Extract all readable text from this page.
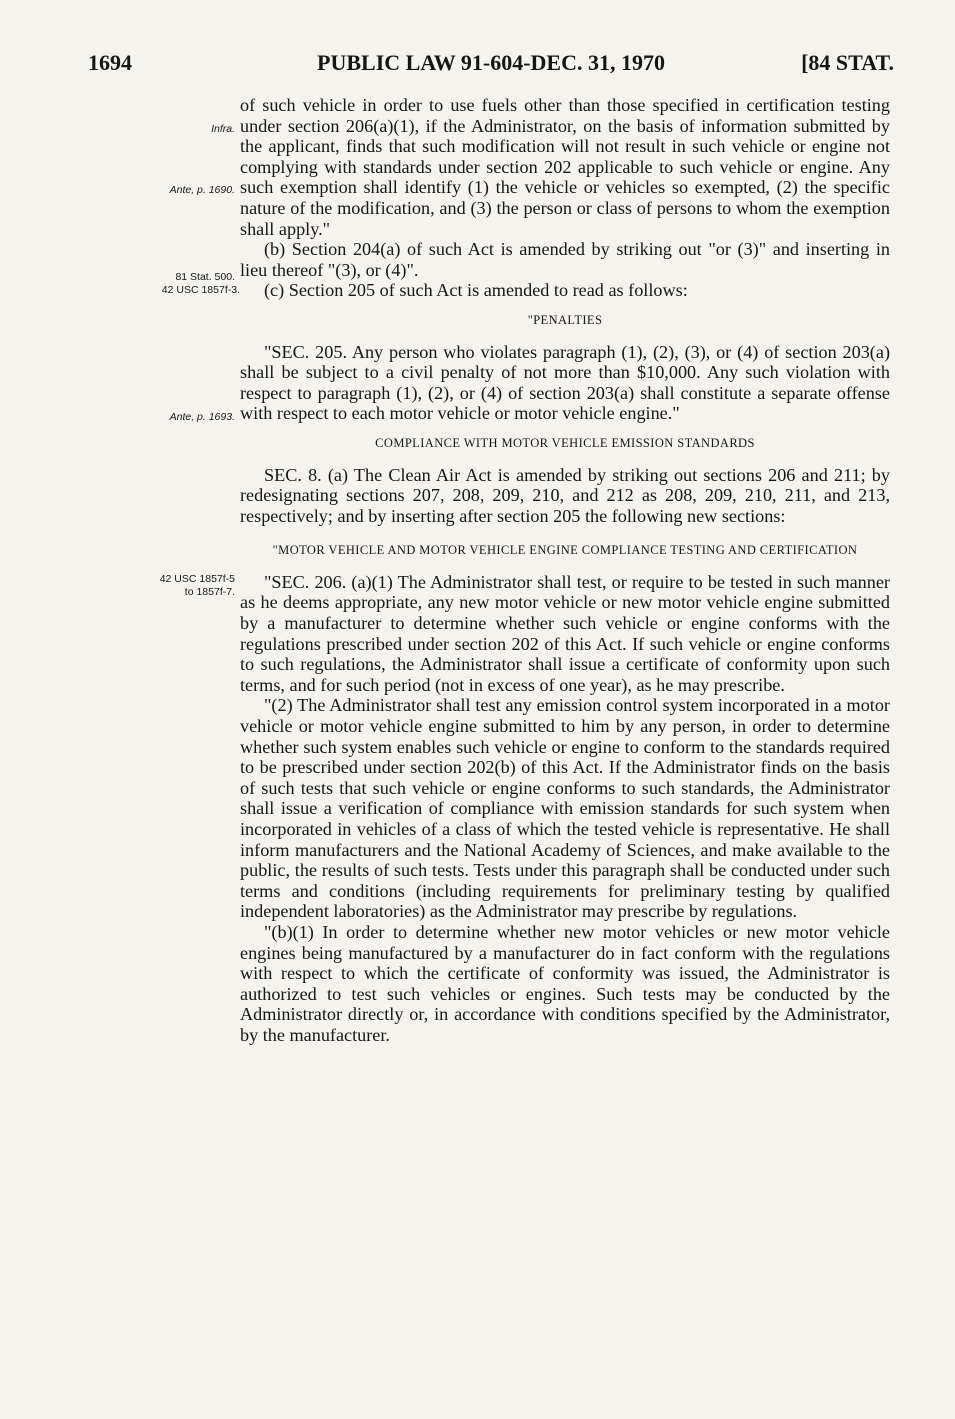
1694	PUBLIC LAW 91-604-DEC. 31, 1970	[84 STAT.
Infra.
Ante, p. 1690.
81 Stat. 500.
42 USC 1857f-3.
Ante, p. 1693.
42 USC 1857f-5
to 1857f-7.

of such vehicle in order to use fuels other than those specified in certification testing under section 206(a)(1), if the Administrator, on the basis of information submitted by the applicant, finds that such modification will not result in such vehicle or engine not complying with standards under section 202 applicable to such vehicle or engine. Any such exemption shall identify (1) the vehicle or vehicles so exempted, (2) the specific nature of the modification, and (3) the person or class of persons to whom the exemption shall apply."

(b) Section 204(a) of such Act is amended by striking out "or (3)" and inserting in lieu thereof "(3), or (4)".

(c) Section 205 of such Act is amended to read as follows:

"PENALTIES

"SEC. 205. Any person who violates paragraph (1), (2), (3), or (4) of section 203(a) shall be subject to a civil penalty of not more than $10,000. Any such violation with respect to paragraph (1), (2), or (4) of section 203(a) shall constitute a separate offense with respect to each motor vehicle or motor vehicle engine."

COMPLIANCE WITH MOTOR VEHICLE EMISSION STANDARDS

SEC. 8. (a) The Clean Air Act is amended by striking out sections 206 and 211; by redesignating sections 207, 208, 209, 210, and 212 as 208, 209, 210, 211, and 213, respectively; and by inserting after section 205 the following new sections:

"MOTOR VEHICLE AND MOTOR VEHICLE ENGINE COMPLIANCE TESTING AND CERTIFICATION

"SEC. 206. (a)(1) The Administrator shall test, or require to be tested in such manner as he deems appropriate, any new motor vehicle or new motor vehicle engine submitted by a manufacturer to determine whether such vehicle or engine conforms with the regulations prescribed under section 202 of this Act. If such vehicle or engine conforms to such regulations, the Administrator shall issue a certificate of conformity upon such terms, and for such period (not in excess of one year), as he may prescribe.

"(2) The Administrator shall test any emission control system incorporated in a motor vehicle or motor vehicle engine submitted to him by any person, in order to determine whether such system enables such vehicle or engine to conform to the standards required to be prescribed under section 202(b) of this Act. If the Administrator finds on the basis of such tests that such vehicle or engine conforms to such standards, the Administrator shall issue a verification of compliance with emission standards for such system when incorporated in vehicles of a class of which the tested vehicle is representative. He shall inform manufacturers and the National Academy of Sciences, and make available to the public, the results of such tests. Tests under this paragraph shall be conducted under such terms and conditions (including requirements for preliminary testing by qualified independent laboratories) as the Administrator may prescribe by regulations.

"(b)(1) In order to determine whether new motor vehicles or new motor vehicle engines being manufactured by a manufacturer do in fact conform with the regulations with respect to which the certificate of conformity was issued, the Administrator is authorized to test such vehicles or engines. Such tests may be conducted by the Administrator directly or, in accordance with conditions specified by the Administrator, by the manufacturer.
